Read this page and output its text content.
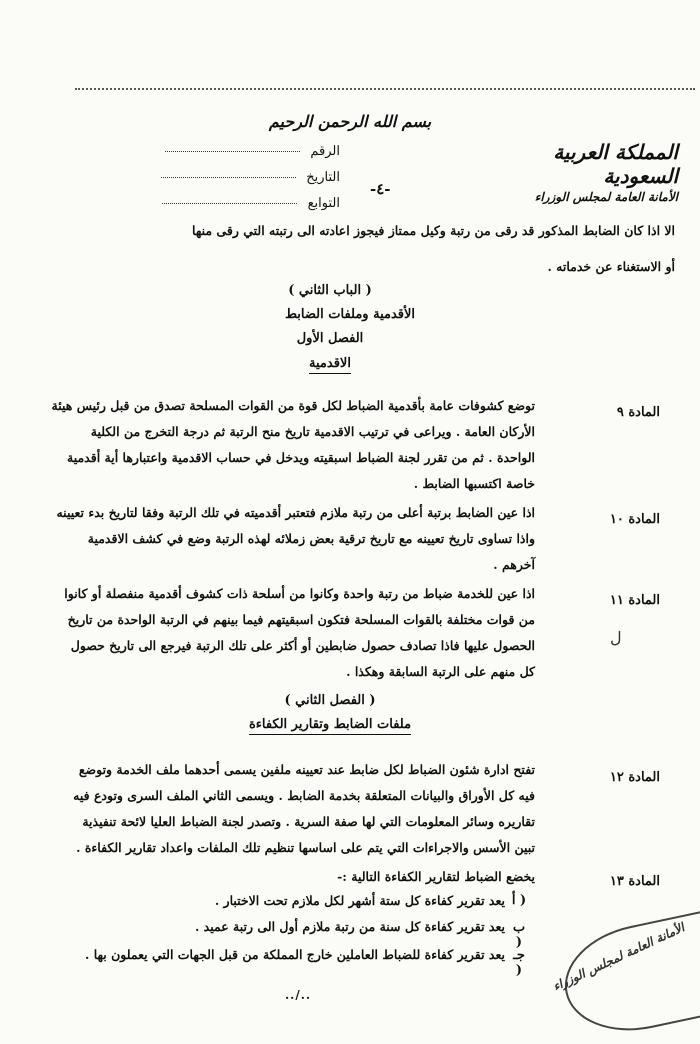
بسم الله الرحمن الرحيم
المملكة العربية السعودية
الأمانة العامة لمجلس الوزراء
-٤-
الرقم
التاريخ
التوابع
الا اذا كان الضابط المذكور قد رقى من رتبة وكيل ممتاز فيجوز اعادته الى رتبته التي رقى منها
أو الاستغناء عن خدماته .
( الباب الثاني )
الأقدمية وملفات الضابط
الفصل الأول
الاقدمية
المادة ٩
توضع كشوفات عامة بأقدمية الضباط لكل قوة من القوات المسلحة تصدق من قبل رئيس هيئة
الأركان العامة . ويراعى في ترتيب الاقدمية تاريخ منح الرتبة ثم درجة التخرج من الكلية
الواحدة . ثم من تقرر لجنة الضباط اسبقيته ويدخل في حساب الاقدمية واعتبارها أية أقدمية
خاصة اكتسبها الضابط .
المادة ١٠
اذا عين الضابط برتبة أعلى من رتبة ملازم فتعتبر أقدميته في تلك الرتبة وفقا لتاريخ بدء تعيينه
واذا تساوى تاريخ تعيينه مع تاريخ ترقية بعض زملائه لهذه الرتبة وضع في كشف الاقدمية
آخرهم .
المادة ١١
اذا عين للخدمة ضباط من رتبة واحدة وكانوا من أسلحة ذات كشوف أقدمية منفصلة أو كانوا
من قوات مختلفة بالقوات المسلحة فتكون اسبقيتهم فيما بينهم في الرتبة الواحدة من تاريخ
الحصول عليها فاذا تصادف حصول ضابطين أو أكثر على تلك الرتبة فيرجع الى تاريخ حصول
كل منهم على الرتبة السابقة وهكذا .
ل
( الفصل الثاني )
ملفات الضابط وتقارير الكفاءة
المادة ١٢
تفتح ادارة شئون الضباط لكل ضابط عند تعيينه ملفين يسمى أحدهما ملف الخدمة وتوضع
فيه كل الأوراق والبيانات المتعلقة بخدمة الضابط . ويسمى الثاني الملف السرى وتودع فيه
تقاريره وسائر المعلومات التي لها صفة السرية . وتصدر لجنة الضباط العليا لائحة تنفيذية
تبين الأسس والاجراءات التي يتم على اساسها تنظيم تلك الملفات واعداد تقارير الكفاءة .
المادة ١٣
يخضع الضباط لتقارير الكفاءة التالية :-
أ )
يعد تقرير كفاءة كل ستة أشهر لكل ملازم تحت الاختبار .
ب )
يعد تقرير كفاءة كل سنة من رتبة ملازم أول الى رتبة عميد .
جـ )
يعد تقرير كفاءة للضباط العاملين خارج المملكة من قبل الجهات التي يعملون بها .	الأمانة العامة لمجلس الوزراء
../..
